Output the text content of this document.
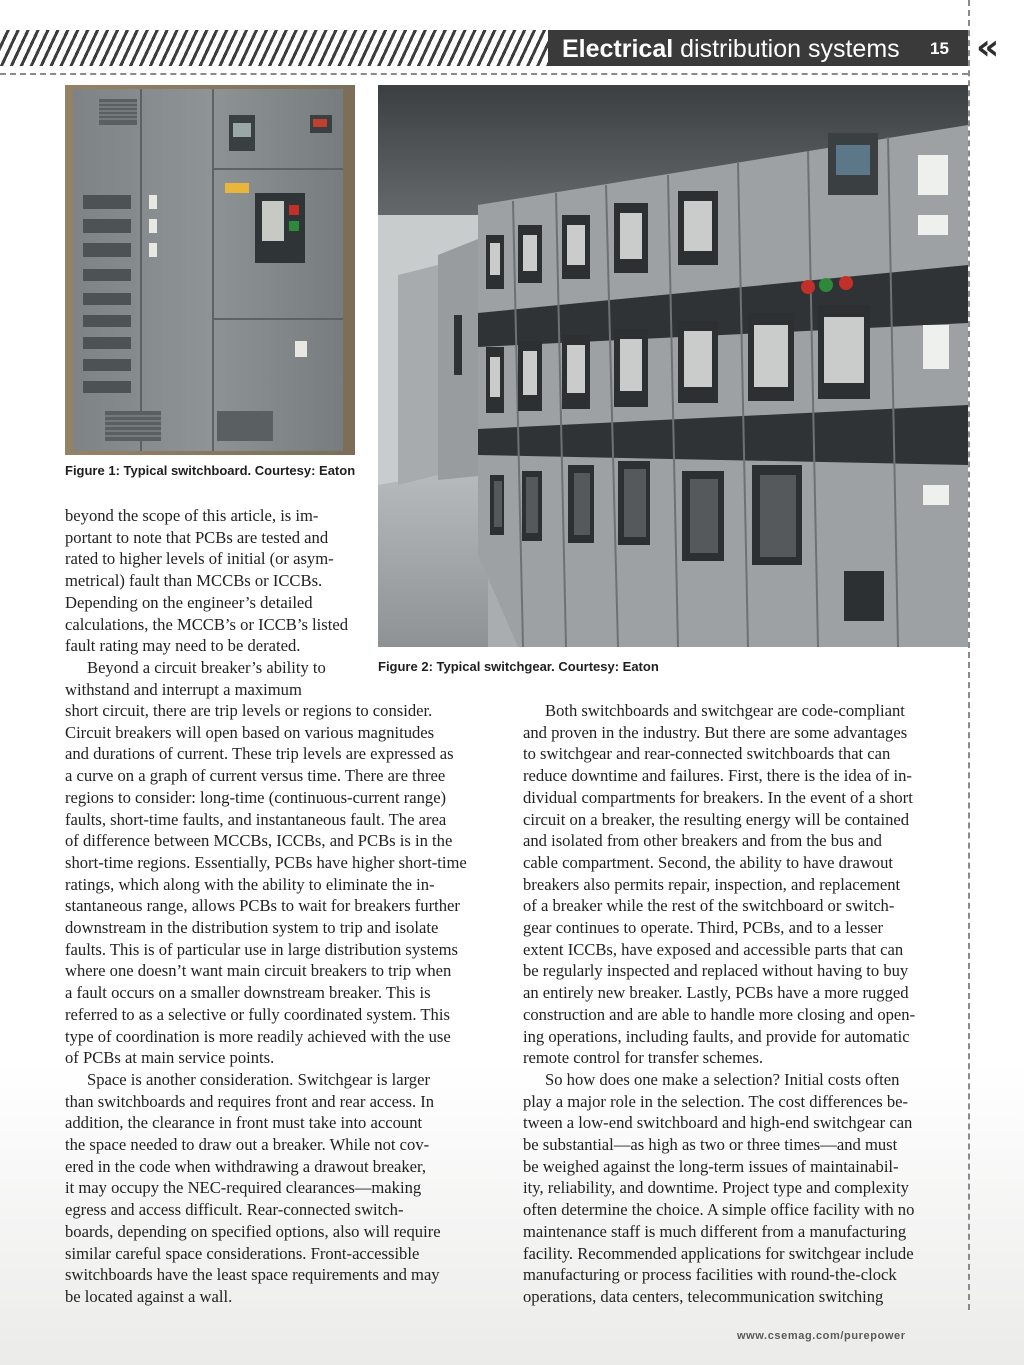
Electrical distribution systems 15 «
Figure 1: Typical switchboard. Courtesy: Eaton
Figure 2: Typical switchgear. Courtesy: Eaton

beyond the scope of this article, is im-
portant to note that PCBs are tested and
rated to higher levels of initial (or asym-
metrical) fault than MCCBs or ICCBs.
Depending on the engineer’s detailed
calculations, the MCCB’s or ICCB’s listed
fault rating may need to be derated.
Beyond a circuit breaker’s ability to
withstand and interrupt a maximum

short circuit, there are trip levels or regions to consider.
Circuit breakers will open based on various magnitudes
and durations of current. These trip levels are expressed as
a curve on a graph of current versus time. There are three
regions to consider: long-time (continuous-current range)
faults, short-time faults, and instantaneous fault. The area
of difference between MCCBs, ICCBs, and PCBs is in the
short-time regions. Essentially, PCBs have higher short-time
ratings, which along with the ability to eliminate the in-
stantaneous range, allows PCBs to wait for breakers further
downstream in the distribution system to trip and isolate
faults. This is of particular use in large distribution systems
where one doesn’t want main circuit breakers to trip when
a fault occurs on a smaller downstream breaker. This is
referred to as a selective or fully coordinated system. This
type of coordination is more readily achieved with the use
of PCBs at main service points.
Space is another consideration. Switchgear is larger
than switchboards and requires front and rear access. In
addition, the clearance in front must take into account
the space needed to draw out a breaker. While not cov-
ered in the code when withdrawing a drawout breaker,
it may occupy the NEC-required clearances—making
egress and access difficult. Rear-connected switch-
boards, depending on specified options, also will require
similar careful space considerations. Front-accessible
switchboards have the least space requirements and may
be located against a wall.

Both switchboards and switchgear are code-compliant
and proven in the industry. But there are some advantages
to switchgear and rear-connected switchboards that can
reduce downtime and failures. First, there is the idea of in-
dividual compartments for breakers. In the event of a short
circuit on a breaker, the resulting energy will be contained
and isolated from other breakers and from the bus and
cable compartment. Second, the ability to have drawout
breakers also permits repair, inspection, and replacement
of a breaker while the rest of the switchboard or switch-
gear continues to operate. Third, PCBs, and to a lesser
extent ICCBs, have exposed and accessible parts that can
be regularly inspected and replaced without having to buy
an entirely new breaker. Lastly, PCBs have a more rugged
construction and are able to handle more closing and open-
ing operations, including faults, and provide for automatic
remote control for transfer schemes.
So how does one make a selection? Initial costs often
play a major role in the selection. The cost differences be-
tween a low-end switchboard and high-end switchgear can
be substantial—as high as two or three times—and must
be weighed against the long-term issues of maintainabil-
ity, reliability, and downtime. Project type and complexity
often determine the choice. A simple office facility with no
maintenance staff is much different from a manufacturing
facility. Recommended applications for switchgear include
manufacturing or process facilities with round-the-clock
operations, data centers, telecommunication switching

www.csemag.com/purepower
